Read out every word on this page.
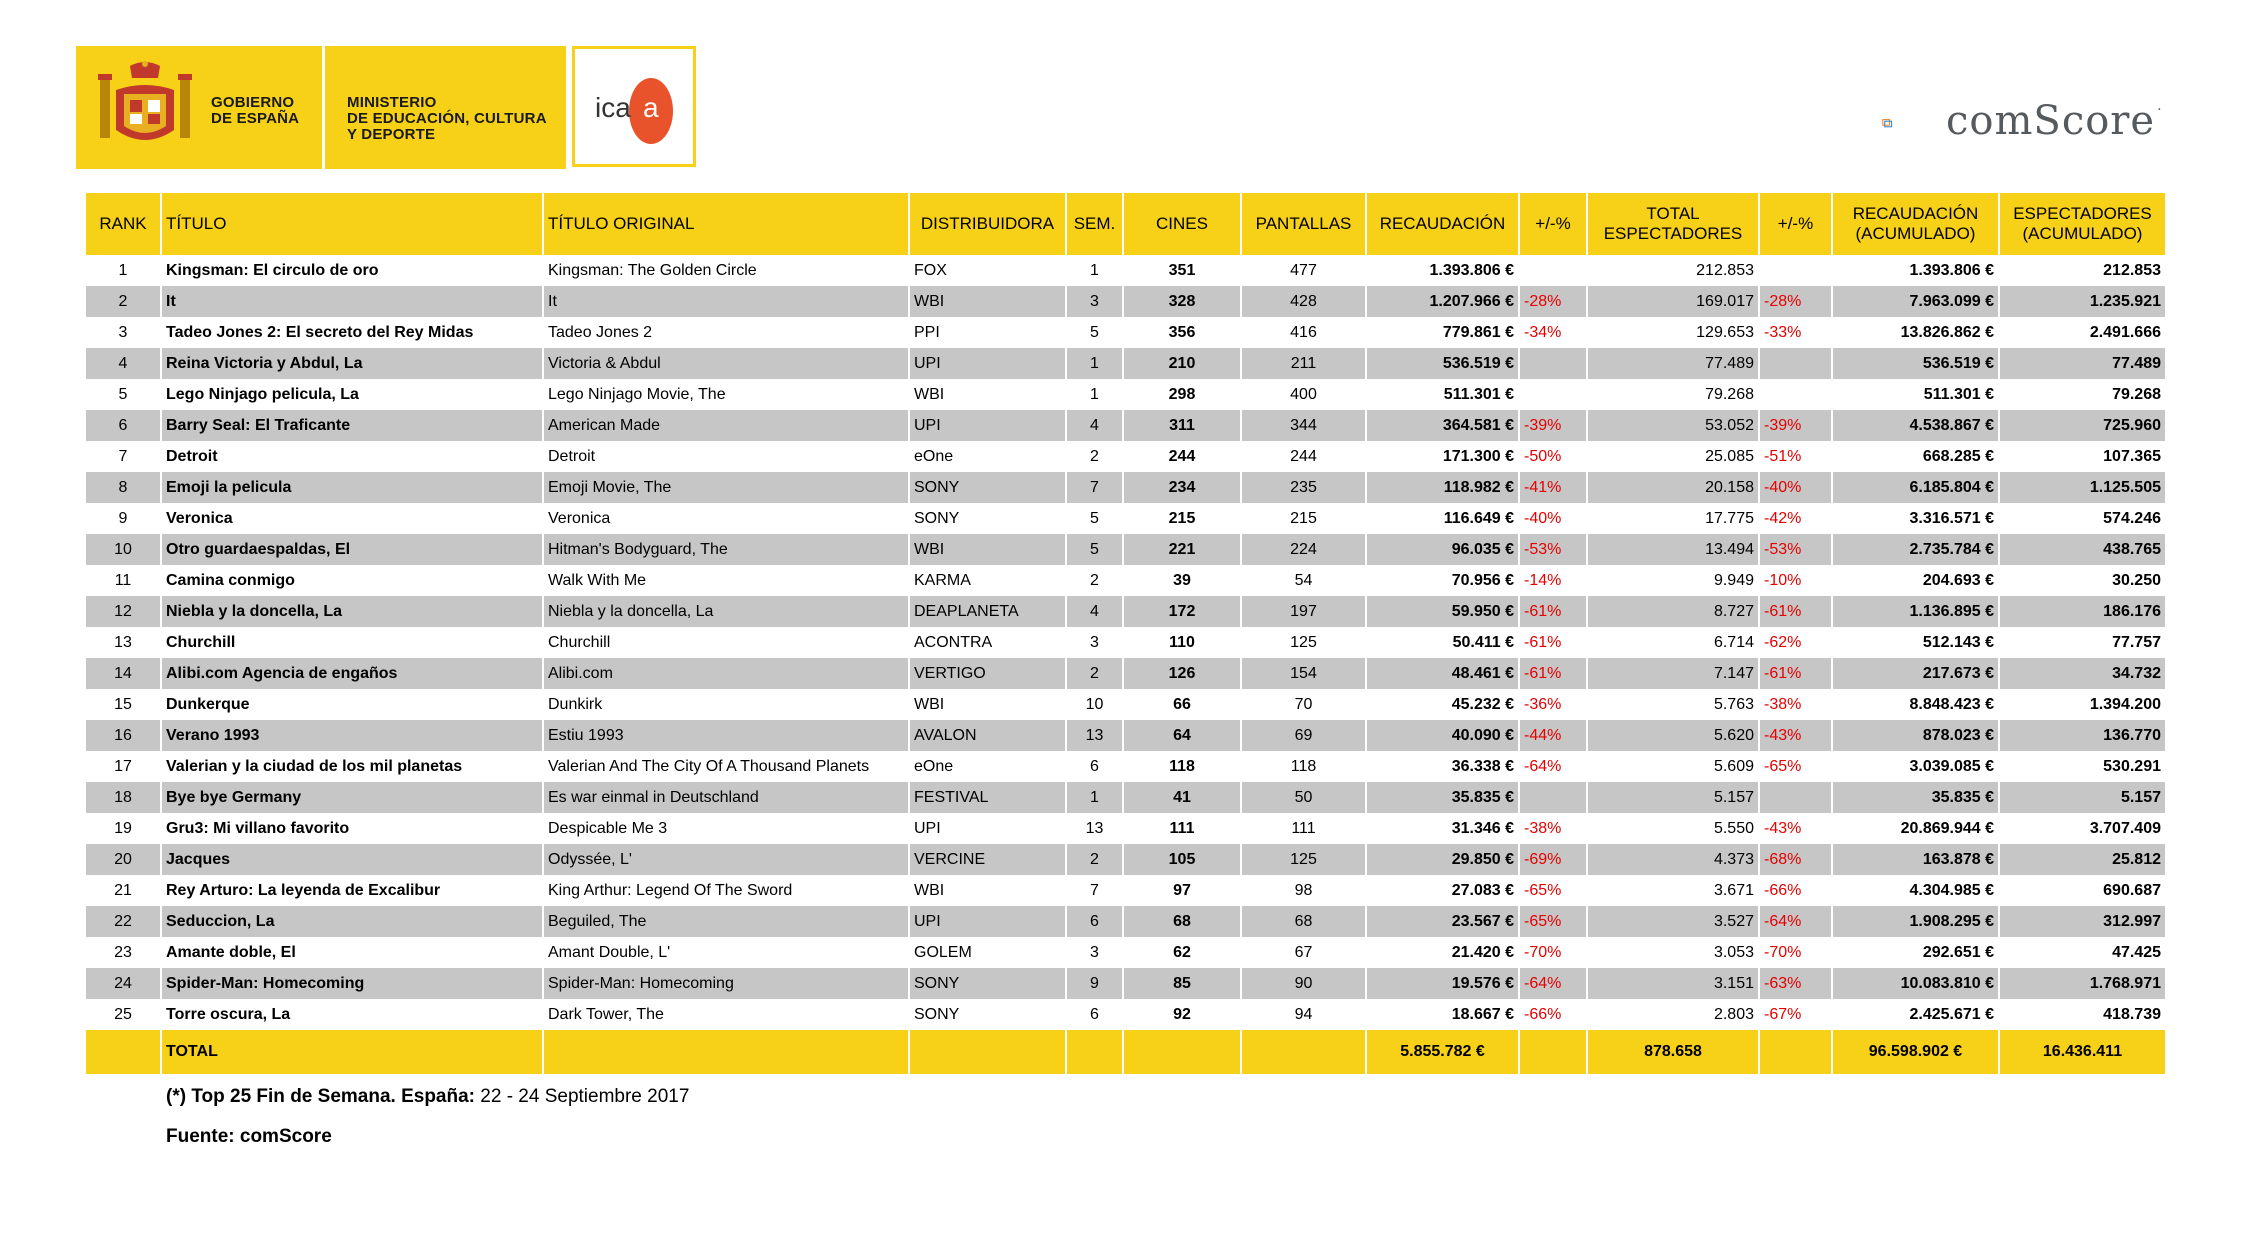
GOBIERNO
DE ESPAÑA
MINISTERIO
DE EDUCACIÓN, CULTURA
Y DEPORTE
ica a	comScore .
RANK	TÍTULO	TÍTULO ORIGINAL	DISTRIBUIDORA	SEM.	CINES	PANTALLAS	RECAUDACIÓN	+/-%	TOTAL ESPECTADORES	+/-%	RECAUDACIÓN (ACUMULADO)	ESPECTADORES (ACUMULADO)
1	Kingsman: El circulo de oro	Kingsman: The Golden Circle	FOX	1	351	477	1.393.806 €		212.853		1.393.806 €	212.853
2	It	It	WBI	3	328	428	1.207.966 €	-28%	169.017	-28%	7.963.099 €	1.235.921
3	Tadeo Jones 2: El secreto del Rey Midas	Tadeo Jones 2	PPI	5	356	416	779.861 €	-34%	129.653	-33%	13.826.862 €	2.491.666
4	Reina Victoria y Abdul, La	Victoria & Abdul	UPI	1	210	211	536.519 €		77.489		536.519 €	77.489
5	Lego Ninjago pelicula, La	Lego Ninjago Movie, The	WBI	1	298	400	511.301 €		79.268		511.301 €	79.268
6	Barry Seal: El Traficante	American Made	UPI	4	311	344	364.581 €	-39%	53.052	-39%	4.538.867 €	725.960
7	Detroit	Detroit	eOne	2	244	244	171.300 €	-50%	25.085	-51%	668.285 €	107.365
8	Emoji la pelicula	Emoji Movie, The	SONY	7	234	235	118.982 €	-41%	20.158	-40%	6.185.804 €	1.125.505
9	Veronica	Veronica	SONY	5	215	215	116.649 €	-40%	17.775	-42%	3.316.571 €	574.246
10	Otro guardaespaldas, El	Hitman's Bodyguard, The	WBI	5	221	224	96.035 €	-53%	13.494	-53%	2.735.784 €	438.765
11	Camina conmigo	Walk With Me	KARMA	2	39	54	70.956 €	-14%	9.949	-10%	204.693 €	30.250
12	Niebla y la doncella, La	Niebla y la doncella, La	DEAPLANETA	4	172	197	59.950 €	-61%	8.727	-61%	1.136.895 €	186.176
13	Churchill	Churchill	ACONTRA	3	110	125	50.411 €	-61%	6.714	-62%	512.143 €	77.757
14	Alibi.com Agencia de engaños	Alibi.com	VERTIGO	2	126	154	48.461 €	-61%	7.147	-61%	217.673 €	34.732
15	Dunkerque	Dunkirk	WBI	10	66	70	45.232 €	-36%	5.763	-38%	8.848.423 €	1.394.200
16	Verano 1993	Estiu 1993	AVALON	13	64	69	40.090 €	-44%	5.620	-43%	878.023 €	136.770
17	Valerian y la ciudad de los mil planetas	Valerian And The City Of A Thousand Planets	eOne	6	118	118	36.338 €	-64%	5.609	-65%	3.039.085 €	530.291
18	Bye bye Germany	Es war einmal in Deutschland	FESTIVAL	1	41	50	35.835 €		5.157		35.835 €	5.157
19	Gru3: Mi villano favorito	Despicable Me 3	UPI	13	111	111	31.346 €	-38%	5.550	-43%	20.869.944 €	3.707.409
20	Jacques	Odyssée, L'	VERCINE	2	105	125	29.850 €	-69%	4.373	-68%	163.878 €	25.812
21	Rey Arturo: La leyenda de Excalibur	King Arthur: Legend Of The Sword	WBI	7	97	98	27.083 €	-65%	3.671	-66%	4.304.985 €	690.687
22	Seduccion, La	Beguiled, The	UPI	6	68	68	23.567 €	-65%	3.527	-64%	1.908.295 €	312.997
23	Amante doble, El	Amant Double, L'	GOLEM	3	62	67	21.420 €	-70%	3.053	-70%	292.651 €	47.425
24	Spider-Man: Homecoming	Spider-Man: Homecoming	SONY	9	85	90	19.576 €	-64%	3.151	-63%	10.083.810 €	1.768.971
25	Torre oscura, La	Dark Tower, The	SONY	6	92	94	18.667 €	-66%	2.803	-67%	2.425.671 €	418.739
	TOTAL						5.855.782 €		878.658		96.598.902 €	16.436.411
(*) Top 25 Fin de Semana. España: 22 - 24 Septiembre 2017
Fuente: comScore
